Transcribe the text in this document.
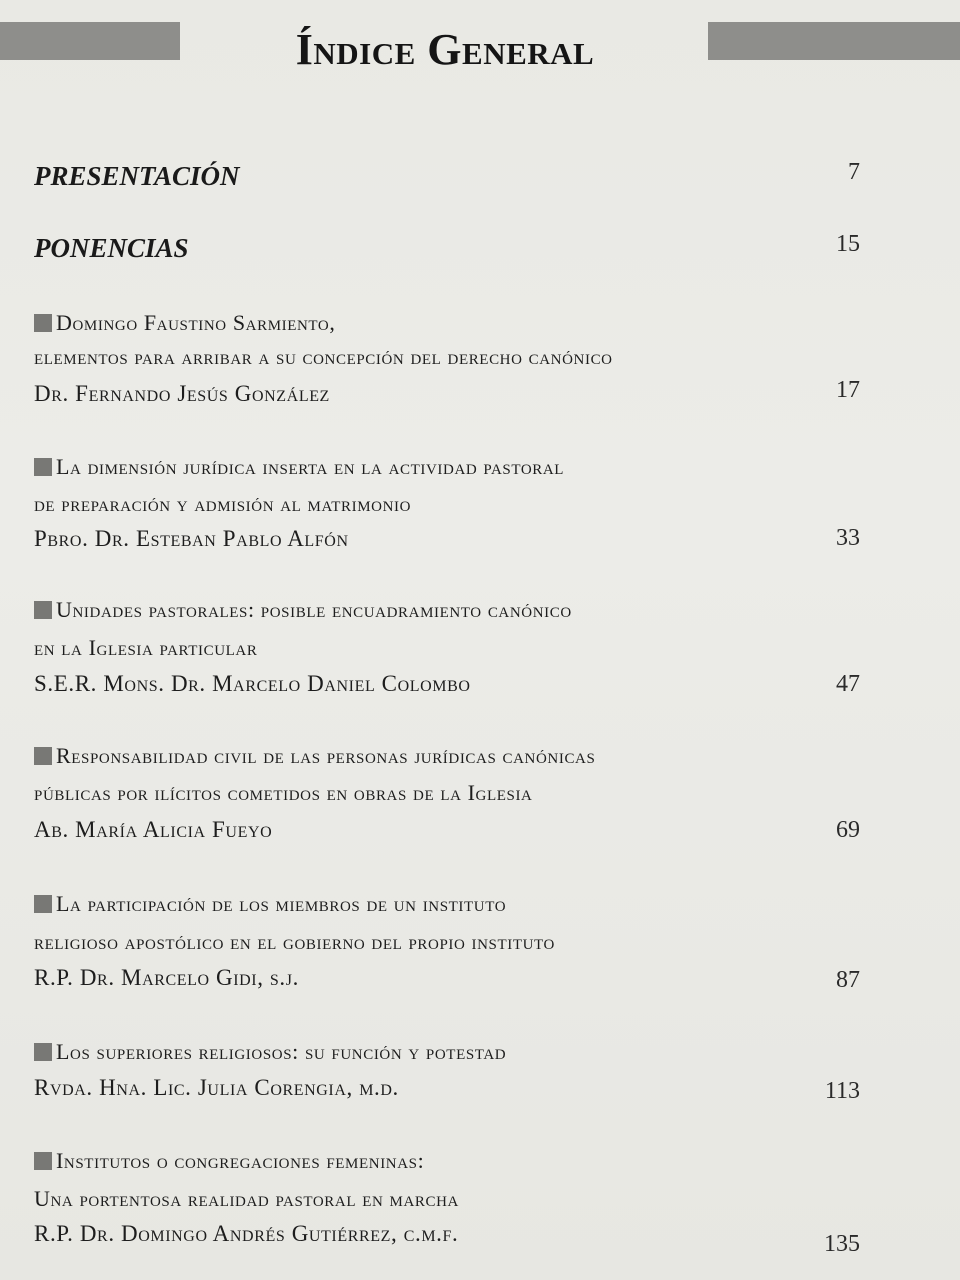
Índice General
PRESENTACIÓN	7
PONENCIAS	15
Domingo Faustino Sarmiento,
elementos para arribar a su concepción del derecho canónico
Dr. Fernando Jesús González	17
La dimensión jurídica inserta en la actividad pastoral
de preparación y admisión al matrimonio
Pbro. Dr. Esteban Pablo Alfón	33
Unidades pastorales: posible encuadramiento canónico
en la Iglesia particular
S.E.R. Mons. Dr. Marcelo Daniel Colombo	47
Responsabilidad civil de las personas jurídicas canónicas
públicas por ilícitos cometidos en obras de la Iglesia
Ab. María Alicia Fueyo	69
La participación de los miembros de un instituto
religioso apostólico en el gobierno del propio instituto
R.P. Dr. Marcelo Gidi, s.j.	87
Los superiores religiosos: su función y potestad
Rvda. Hna. Lic. Julia Corengia, m.d.	113
Institutos o congregaciones femeninas:
Una portentosa realidad pastoral en marcha
R.P. Dr. Domingo Andrés Gutiérrez, c.m.f.	135
